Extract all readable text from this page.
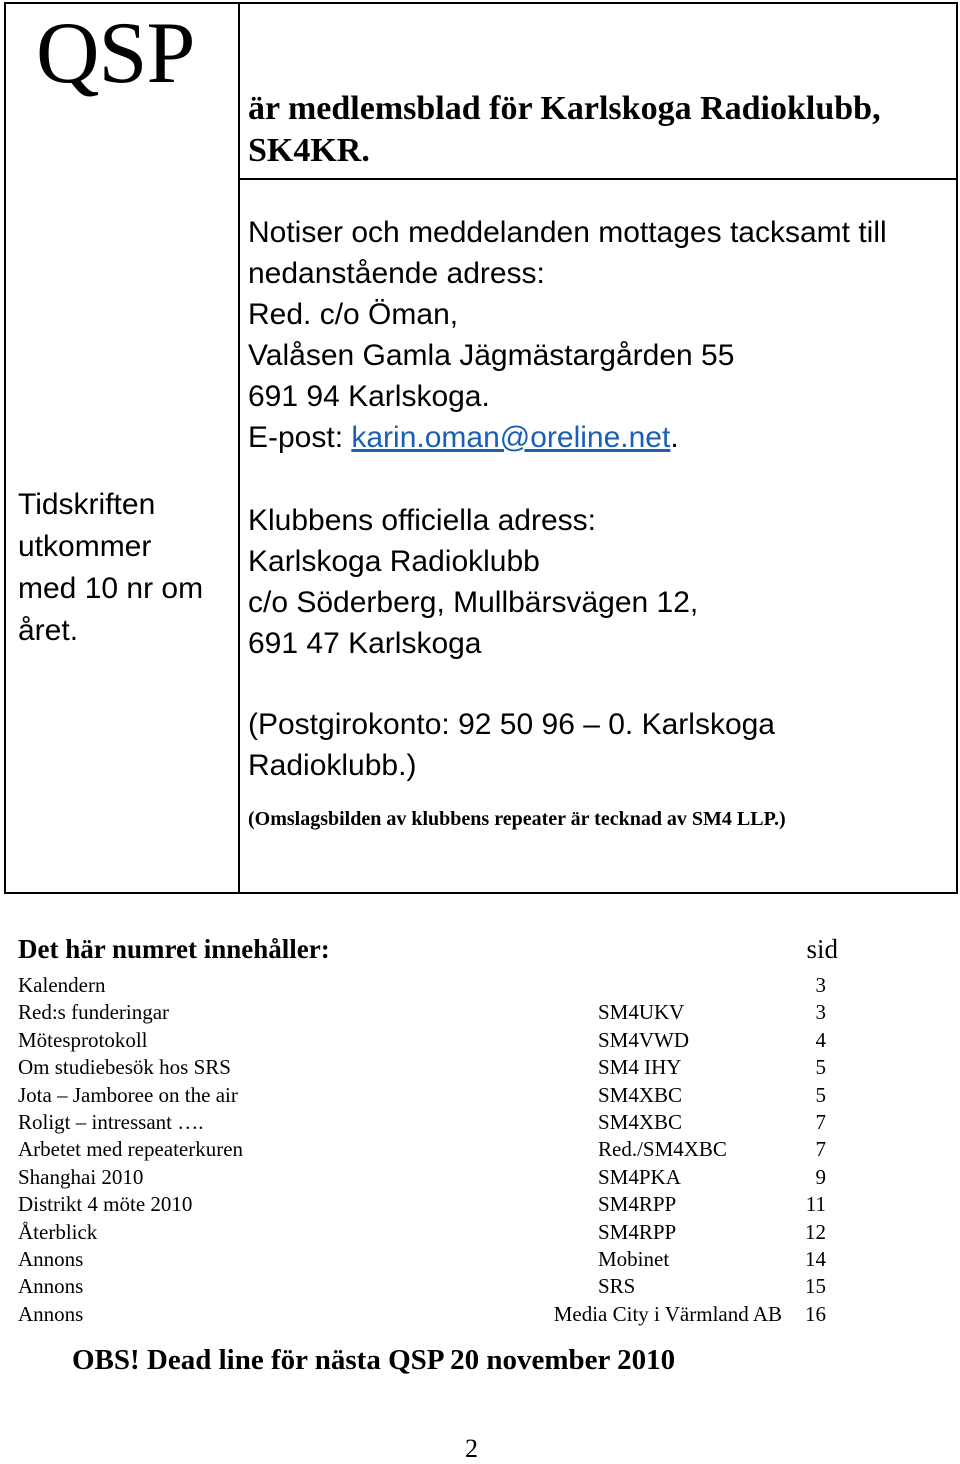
QSP
Tidskriften
utkommer
med 10 nr om
året.
är medlemsblad för Karlskoga Radioklubb,
SK4KR.
Notiser och meddelanden mottages tacksamt till
nedanstående adress:
Red. c/o Öman,
Valåsen Gamla Jägmästargården 55
691 94 Karlskoga.
E-post: karin.oman@oreline.net.
Klubbens officiella adress:
Karlskoga Radioklubb
c/o Söderberg, Mullbärsvägen 12,
691 47 Karlskoga
(Postgirokonto: 92 50 96 – 0. Karlskoga
Radioklubb.)
(Omslagsbilden av klubbens repeater är tecknad av SM4 LLP.)
Det här numret innehåller:	sid
Kalendern	3
Red:s funderingar	SM4UKV	3
Mötesprotokoll	SM4VWD	4
Om studiebesök hos SRS	SM4 IHY	5
Jota – Jamboree on the air	SM4XBC	5
Roligt – intressant ….	SM4XBC	7
Arbetet med repeaterkuren	Red./SM4XBC	7
Shanghai 2010	SM4PKA	9
Distrikt 4 möte 2010	SM4RPP	11
Återblick	SM4RPP	12
Annons	Mobinet	14
Annons	SRS	15
Annons	Media City i Värmland AB 16
OBS! Dead line för nästa QSP 20 november 2010
2
